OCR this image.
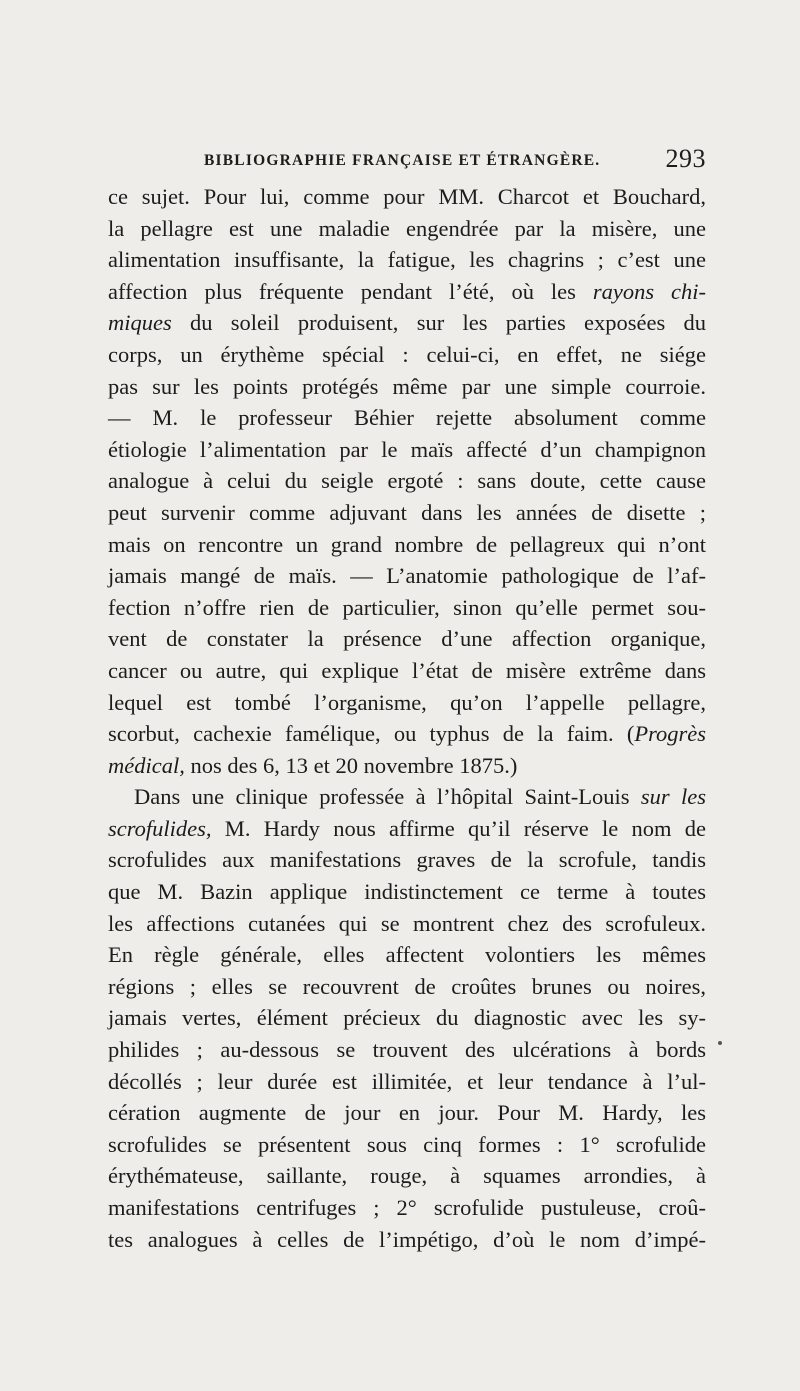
BIBLIOGRAPHIE FRANÇAISE ET ÉTRANGÈRE.	293
ce sujet. Pour lui, comme pour MM. Charcot et Bouchard,
la pellagre est une maladie engendrée par la misère, une
alimentation insuffisante, la fatigue, les chagrins ; c’est une
affection plus fréquente pendant l’été, où les rayons chi-
miques du soleil produisent, sur les parties exposées du
corps, un érythème spécial : celui-ci, en effet, ne siége
pas sur les points protégés même par une simple courroie.
— M. le professeur Béhier rejette absolument comme
étiologie l’alimentation par le maïs affecté d’un champignon
analogue à celui du seigle ergoté : sans doute, cette cause
peut survenir comme adjuvant dans les années de disette ;
mais on rencontre un grand nombre de pellagreux qui n’ont
jamais mangé de maïs. — L’anatomie pathologique de l’af-
fection n’offre rien de particulier, sinon qu’elle permet sou-
vent de constater la présence d’une affection organique,
cancer ou autre, qui explique l’état de misère extrême dans
lequel est tombé l’organisme, qu’on l’appelle pellagre,
scorbut, cachexie famélique, ou typhus de la faim. (Progrès
médical, nos des 6, 13 et 20 novembre 1875.)
Dans une clinique professée à l’hôpital Saint-Louis sur les
scrofulides, M. Hardy nous affirme qu’il réserve le nom de
scrofulides aux manifestations graves de la scrofule, tandis
que M. Bazin applique indistinctement ce terme à toutes
les affections cutanées qui se montrent chez des scrofuleux.
En règle générale, elles affectent volontiers les mêmes
régions ; elles se recouvrent de croûtes brunes ou noires,
jamais vertes, élément précieux du diagnostic avec les sy-
philides ; au-dessous se trouvent des ulcérations à bords
décollés ; leur durée est illimitée, et leur tendance à l’ul-
cération augmente de jour en jour. Pour M. Hardy, les
scrofulides se présentent sous cinq formes : 1° scrofulide
érythémateuse, saillante, rouge, à squames arrondies, à
manifestations centrifuges ; 2° scrofulide pustuleuse, croû-
tes analogues à celles de l’impétigo, d’où le nom d’impé-
